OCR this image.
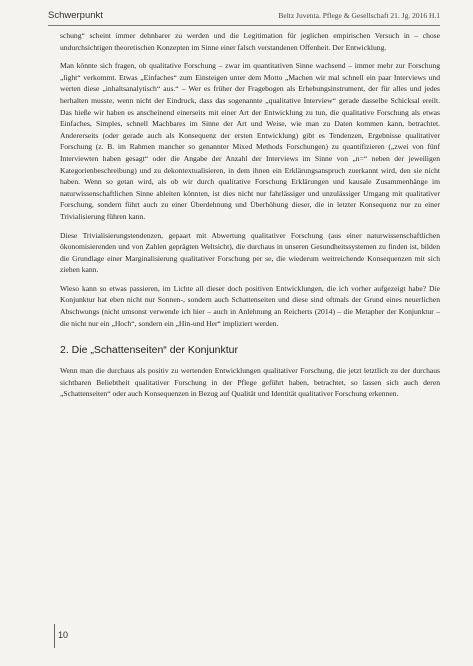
Schwerpunkt	Beltz Juventa. Pflege & Gesellschaft 21. Jg. 2016 H.1

schung“ scheint immer dehnbarer zu werden und die Legitimation für jeglichen empirischen Versuch in – chose undurchsichtigen theoretischen Konzepten im Sinne einer falsch verstandenen Offenheit. Der Entwicklung.

Man könnte sich fragen, ob qualitative Forschung – zwar im quantitativen Sinne wachsend – immer mehr zur Forschung „light“ verkommt. Etwas „Einfaches“ zum Einsteigen unter dem Motto „Machen wir mal schnell ein paar Interviews und werten diese „inhaltsanalytisch“ aus.“ – Wer es früher der Fragebogen als Erhebungsinstrument, der für alles und jedes herhalten musste, wenn nicht der Eindruck, dass das sogenannte „qualitative Interview“ gerade dasselbe Schicksal ereilt. Das hieße wir haben es anscheinend einerseits mit einer Art der Entwicklung zu tun, die qualitative Forschung als etwas Einfaches, Simples, schnell Machbares im Sinne der Art und Weise, wie man zu Daten kommen kann, betrachtet. Andererseits (oder gerade auch als Konsequenz der ersten Entwicklung) gibt es Tendenzen, Ergebnisse qualitativer Forschung (z. B. im Rahmen mancher so genannter Mixed Methods Forschungen) zu quantifizieren („zwei von fünf Interviewten haben gesagt“ oder die Angabe der Anzahl der Interviews im Sinne von „n=“ neben der jeweiligen Kategorienbeschreibung) und zu dekontextualisieren, in dem ihnen ein Erklärungsanspruch zuerkannt wird, den sie nicht haben. Wenn so getan wird, als ob wir durch qualitative Forschung Erklärungen und kausale Zusammenhänge im naturwissenschaftlichen Sinne ableiten könnten, ist dies nicht nur fahrlässiger und unzulässiger Umgang mit qualitativer Forschung, sondern führt auch zu einer Überdehnung und Überhöhung dieser, die in letzter Konsequenz nur zu einer Trivialisierung führen kann.

Diese Trivialisierungstendenzen, gepaart mit Abwertung qualitativer Forschung (aus einer naturwissenschaftlichen ökonomisierenden und von Zahlen geprägten Weltsicht), die durchaus in unseren Gesundheitssystemen zu finden ist, bilden die Grundlage einer Marginalisierung qualitativer Forschung per se, die wiederum weitreichende Konsequenzen mit sich ziehen kann.

Wieso kann so etwas passieren, im Lichte all dieser doch positiven Entwicklungen, die ich vorher aufgezeigt habe? Die Konjunktur hat eben nicht nur Sonnen-, sondern auch Schattenseiten und diese sind oftmals der Grund eines neuerlichen Abschwungs (nicht umsonst verwende ich hier – auch in Anlehnung an Reicherts (2014) – die Metapher der Konjunktur – die nicht nur ein „Hoch“, sondern ein „Hin-und Her“ impliziert werden.

2. Die „Schattenseiten“ der Konjunktur

Wenn man die durchaus als positiv zu wertenden Entwicklungen qualitativer Forschung, die jetzt letztlich zu der durchaus sichtbaren Beliebtheit qualitativer Forschung in der Pflege geführt haben, betrachtet, so lassen sich auch deren „Schattenseiten“ oder auch Konsequenzen in Bezug auf Qualität und Identität qualitativer Forschung erkennen.

10
